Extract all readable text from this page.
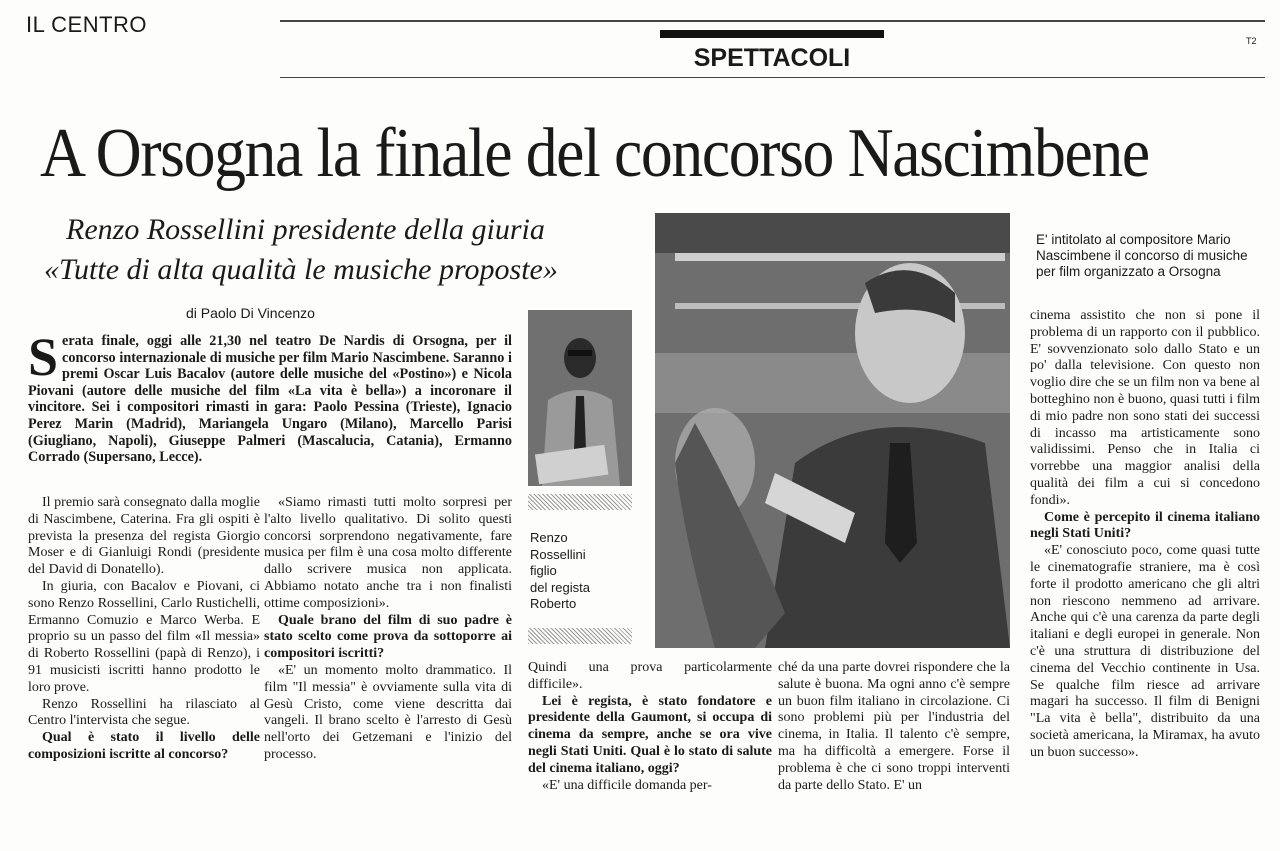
IL CENTRO
SPETTACOLI
T2
A Orsogna la finale del concorso Nascimbene
Renzo Rossellini presidente della giuria
«Tutte di alta qualità le musiche proposte»
di Paolo Di Vincenzo
Serata finale, oggi alle 21,30 nel teatro De Nardis di Orsogna, per il concorso internazionale di musiche per film Mario Nascimbene. Saranno i premi Oscar Luis Bacalov (autore delle musiche del «Postino») e Nicola Piovani (autore delle musiche del film «La vita è bella») a incoronare il vincitore. Sei i compositori rimasti in gara: Paolo Pessina (Trieste), Ignacio Perez Marin (Madrid), Mariangela Ungaro (Milano), Marcello Parisi (Giugliano, Napoli), Giuseppe Palmeri (Mascalucia, Catania), Ermanno Corrado (Supersano, Lecce).

Il premio sarà consegnato dalla moglie di Nascimbene, Caterina. Fra gli ospiti è prevista la presenza del regista Giorgio Moser e di Gianluigi Rondi (presidente del David di Donatello).

In giuria, con Bacalov e Piovani, ci sono Renzo Rossellini, Carlo Rustichelli, Ermanno Comuzio e Marco Werba. E proprio su un passo del film «Il messia» di Roberto Rossellini (papà di Renzo), i 91 musicisti iscritti hanno prodotto le loro prove.

Renzo Rossellini ha rilasciato al Centro l'intervista che segue.

Qual è stato il livello delle composizioni iscritte al concorso?

«Siamo rimasti tutti molto sorpresi per l'alto livello qualitativo. Di solito questi concorsi sorprendono negativamente, fare musica per film è una cosa molto differente dallo scrivere musica non applicata. Abbiamo notato anche tra i non finalisti ottime composizioni».

Quale brano del film di suo padre è stato scelto come prova da sottoporre ai compositori iscritti?

«E' un momento molto drammatico. Il film "Il messia" è ovviamente sulla vita di Gesù Cristo, come viene descritta dai vangeli. Il brano scelto è l'arresto di Gesù nell'orto dei Getzemani e l'inizio del processo.

Renzo
Rossellini
figlio
del regista
Roberto
E' intitolato al compositore Mario Nascimbene il concorso di musiche per film organizzato a Orsogna

Quindi una prova particolarmente difficile».

Lei è regista, è stato fondatore e presidente della Gaumont, si occupa di cinema da sempre, anche se ora vive negli Stati Uniti. Qual è lo stato di salute del cinema italiano, oggi?

«E' una difficile domanda per-

ché da una parte dovrei rispondere che la salute è buona. Ma ogni anno c'è sempre un buon film italiano in circolazione. Ci sono problemi più per l'industria del cinema, in Italia. Il talento c'è sempre, ma ha difficoltà a emergere. Forse il problema è che ci sono troppi interventi da parte dello Stato. E' un

cinema assistito che non si pone il problema di un rapporto con il pubblico. E' sovvenzionato solo dallo Stato e un po' dalla televisione. Con questo non voglio dire che se un film non va bene al botteghino non è buono, quasi tutti i film di mio padre non sono stati dei successi di incasso ma artisticamente sono validissimi. Penso che in Italia ci vorrebbe una maggior analisi della qualità dei film a cui si concedono fondi».

Come è percepito il cinema italiano negli Stati Uniti?

«E' conosciuto poco, come quasi tutte le cinematografie straniere, ma è così forte il prodotto americano che gli altri non riescono nemmeno ad arrivare. Anche qui c'è una carenza da parte degli italiani e degli europei in generale. Non c'è una struttura di distribuzione del cinema del Vecchio continente in Usa. Se qualche film riesce ad arrivare magari ha successo. Il film di Benigni "La vita è bella", distribuito da una società americana, la Miramax, ha avuto un buon successo».
